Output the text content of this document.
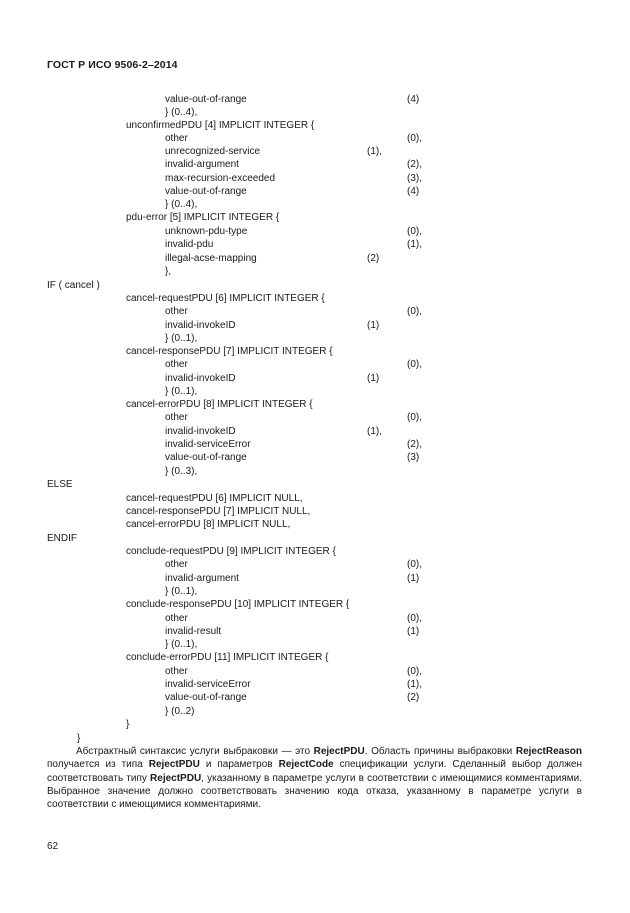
ГОСТ Р ИСО 9506-2–2014
value-out-of-range	(4)
} (0..4),
unconfirmedPDU [4] IMPLICIT INTEGER {
other	(0),
unrecognized-service	(1),
invalid-argument	(2),
max-recursion-exceeded	(3),
value-out-of-range	(4)
} (0..4),
pdu-error [5] IMPLICIT INTEGER {
unknown-pdu-type	(0),
invalid-pdu	(1),
illegal-acse-mapping	(2)
},
IF ( cancel )
cancel-requestPDU [6] IMPLICIT INTEGER {
other	(0),
invalid-invokeID	(1)
} (0..1),
cancel-responsePDU [7] IMPLICIT INTEGER {
other	(0),
invalid-invokeID	(1)
} (0..1),
cancel-errorPDU [8] IMPLICIT INTEGER {
other	(0),
invalid-invokeID	(1),
invalid-serviceError	(2),
value-out-of-range	(3)
} (0..3),
ELSE
cancel-requestPDU [6] IMPLICIT NULL,
cancel-responsePDU [7] IMPLICIT NULL,
cancel-errorPDU [8] IMPLICIT NULL,
ENDIF
conclude-requestPDU [9] IMPLICIT INTEGER {
other	(0),
invalid-argument	(1)
} (0..1),
conclude-responsePDU [10] IMPLICIT INTEGER {
other	(0),
invalid-result	(1)
} (0..1),
conclude-errorPDU [11] IMPLICIT INTEGER {
other	(0),
invalid-serviceError	(1),
value-out-of-range	(2)
} (0..2)
}
}
Абстрактный синтаксис услуги выбраковки — это RejectPDU. Область причины выбраковки RejectReason получается из типа RejectPDU и параметров RejectCode спецификации услуги. Сделанный выбор должен соответствовать типу RejectPDU, указанному в параметре услуги в соответствии с имеющимися комментариями. Выбранное значение должно соответствовать значению кода отказа, указанному в параметре услуги в соответствии с имеющимися комментариями.
62
